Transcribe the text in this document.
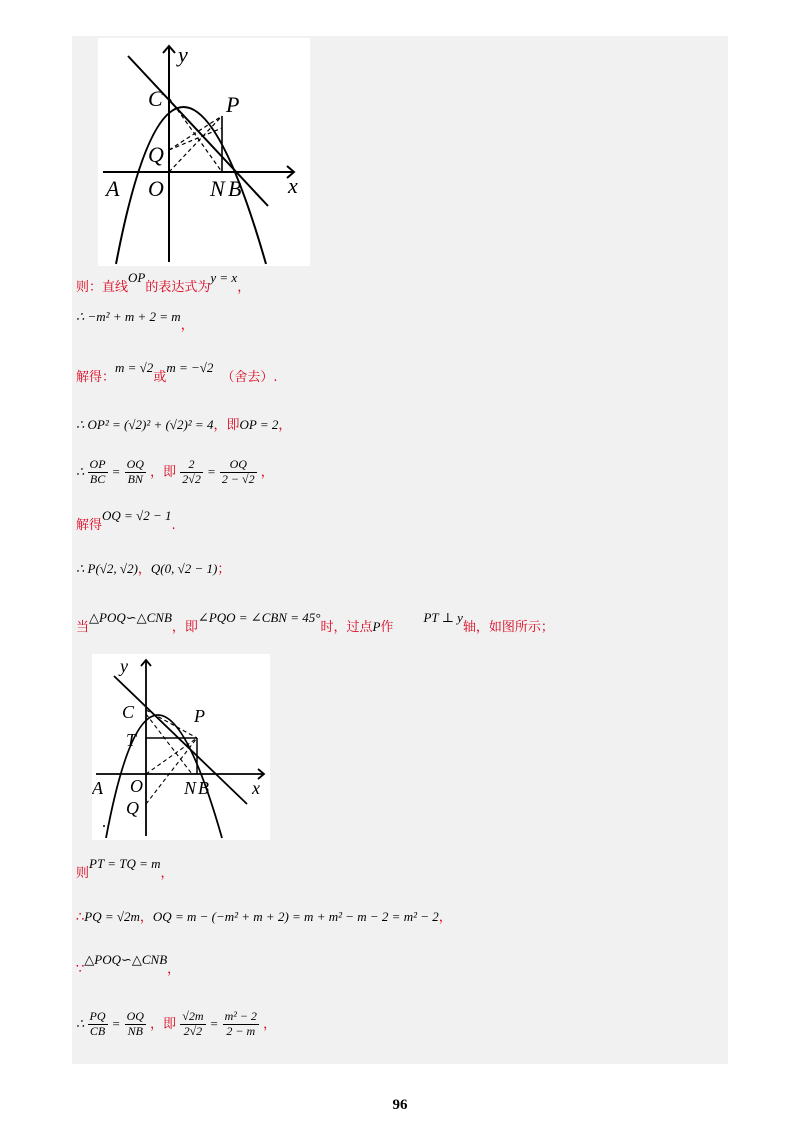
y
x
C	P
Q
A O N B
则：直线OP的表达式为y = x，
∴ −m² + m + 2 = m，
解得：m = √2或m = −√2（舍去）.
∴ OP² = (√2)² + (√2)² = 4，即OP = 2，
∴ $\frac{OP}{BC} = \frac{OQ}{BN}$ ，即 $\frac{2}{2√2} = \frac{OQ}{2 - √2}$ ，
解得OQ = √2 − 1.
∴ P(√2, √2)，Q(0, √2 − 1)；
当△POQ∽△CNB，即∠PQO = ∠CBN = 45°时，过点P作PT ⊥ y轴，如图所示；
y
x
C	P
T
A O N B
Q
则PT = TQ = m，
∴PQ = √2m，OQ = m − (−m² + m + 2) = m + m² − m − 2 = m² − 2，
∵△POQ∽△CNB，
∴ $\frac{PQ}{CB} = \frac{OQ}{NB}$ ，即 $\frac{√2m}{2√2} = \frac{\text{m² − 2}}{2 - m}$ ，
96
